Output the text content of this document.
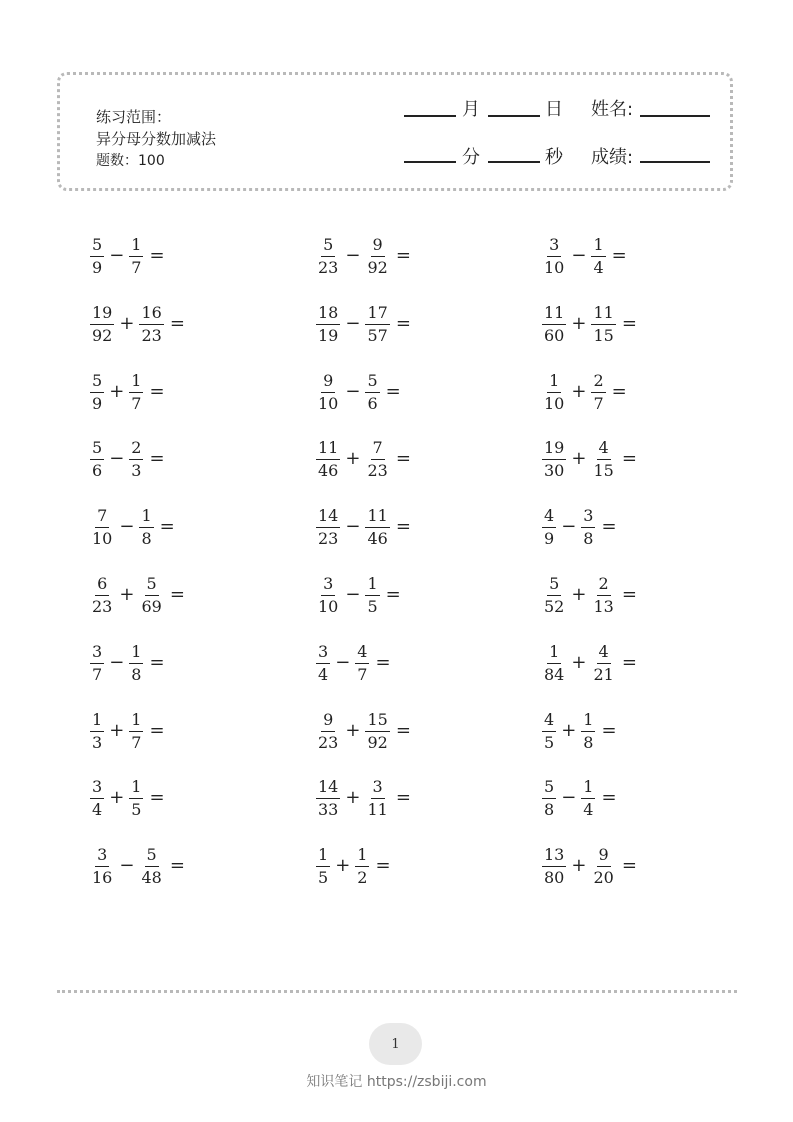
练习范围：
异分母分数加减法
题数：100
月	日 姓名:
分	秒 成绩:
$\frac{5}{9} - \frac{1}{7}$ =
$\frac{19}{92} + \frac{16}{23}$ =
$\frac{5}{9} + \frac{1}{7}$ =
$\frac{5}{6} - \frac{2}{3}$ =
$\frac{7}{10} - \frac{1}{8}$ =
$\frac{6}{23} + \frac{5}{69}$ =
$\frac{3}{7} - \frac{1}{8}$ =
$\frac{1}{3} + \frac{1}{7}$ =
$\frac{3}{4} + \frac{1}{5}$ =
$\frac{3}{16} - \frac{5}{48}$ =
$\frac{5}{23} - \frac{9}{92}$ =
$\frac{18}{19} - \frac{17}{57}$ =
$\frac{9}{10} - \frac{5}{6}$ =
$\frac{11}{46} + \frac{7}{23}$ =
$\frac{14}{23} - \frac{11}{46}$ =
$\frac{3}{10} - \frac{1}{5}$ =
$\frac{3}{4} - \frac{4}{7}$ =
$\frac{9}{23} + \frac{15}{92}$ =
$\frac{14}{33} + \frac{3}{11}$ =
$\frac{1}{5} + \frac{1}{2}$ =
$\frac{3}{10} - \frac{1}{4}$ =
$\frac{11}{60} + \frac{11}{15}$ =
$\frac{1}{10} + \frac{2}{7}$ =
$\frac{19}{30} + \frac{4}{15}$ =
$\frac{4}{9} - \frac{3}{8}$ =
$\frac{5}{52} + \frac{2}{13}$ =
$\frac{1}{84} + \frac{4}{21}$ =
$\frac{4}{5} + \frac{1}{8}$ =
$\frac{5}{8} - \frac{1}{4}$ =
$\frac{13}{80} + \frac{9}{20}$ =
1
知识笔记 https://zsbiji.com
